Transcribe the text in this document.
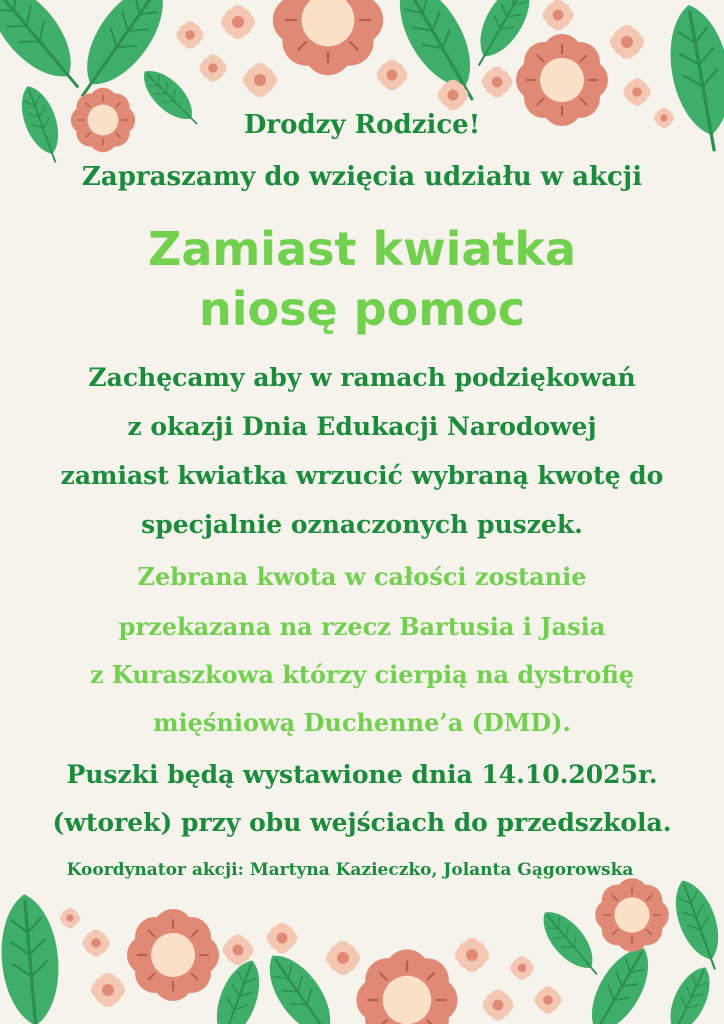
Drodzy Rodzice!
Zapraszamy do wzięcia udziału w akcji
Zamiast kwiatka
niosę pomoc
Zachęcamy aby w ramach podziękowań
z okazji Dnia Edukacji Narodowej
zamiast kwiatka wrzucić wybraną kwotę do
specjalnie oznaczonych puszek.
Zebrana kwota w całości zostanie
przekazana na rzecz Bartusia i Jasia
z Kuraszkowa którzy cierpią na dystrofię
mięśniową Duchenne’a (DMD).
Puszki będą wystawione dnia 14.10.2025r.
(wtorek) przy obu wejściach do przedszkola.
Koordynator akcji: Martyna Kazieczko, Jolanta Gągorowska
